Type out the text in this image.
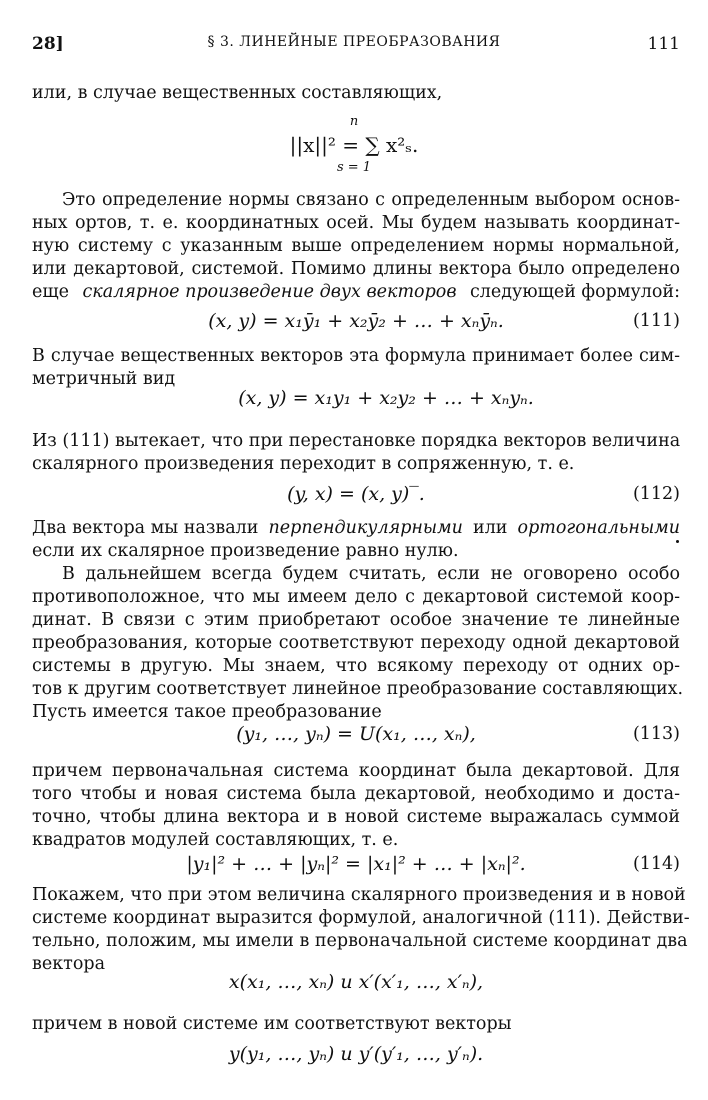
28]	§ 3. ЛИНЕЙНЫЕ ПРЕОБРАЗОВАНИЯ	111
или, в случае вещественных составляющих,
n
||x||² = ∑ x²ₛ.
s = 1
Это определение нормы связано с определенным выбором основ-
ных ортов, т. е. координатных осей. Мы будем называть координат-
ную систему с указанным выше определением нормы нормальной,
или декартовой, системой. Помимо длины вектора было определено
еще скалярное произведение двух векторов следующей формулой:
(x, y) = x₁ȳ₁ + x₂ȳ₂ + … + xₙȳₙ.	(111)
В случае вещественных векторов эта формула принимает более сим-
метричный вид
(x, y) = x₁y₁ + x₂y₂ + … + xₙyₙ.
Из (111) вытекает, что при перестановке порядка векторов величина
скалярного произведения переходит в сопряженную, т. е.
(y, x) = (x, y)‾.	(112)
Два вектора мы назвали перпендикулярными или ортогональными
если их скалярное произведение равно нулю.
В дальнейшем всегда будем считать, если не оговорено особо
противоположное, что мы имеем дело с декартовой системой коор-
динат. В связи с этим приобретают особое значение те линейные
преобразования, которые соответствуют переходу одной декартовой
системы в другую. Мы знаем, что всякому переходу от одних ор-
тов к другим соответствует линейное преобразование составляющих.
Пусть имеется такое преобразование
(y₁, …, yₙ) = U(x₁, …, xₙ),	(113)
причем первоначальная система координат была декартовой. Для
того чтобы и новая система была декартовой, необходимо и доста-
точно, чтобы длина вектора и в новой системе выражалась суммой
квадратов модулей составляющих, т. е.
|y₁|² + … + |yₙ|² = |x₁|² + … + |xₙ|².	(114)
Покажем, что при этом величина скалярного произведения и в новой
системе координат выразится формулой, аналогичной (111). Действи-
тельно, положим, мы имели в первоначальной системе координат два
вектора
x(x₁, …, xₙ) и x′(x′₁, …, x′ₙ),
причем в новой системе им соответствуют векторы
y(y₁, …, yₙ) и y′(y′₁, …, y′ₙ).
